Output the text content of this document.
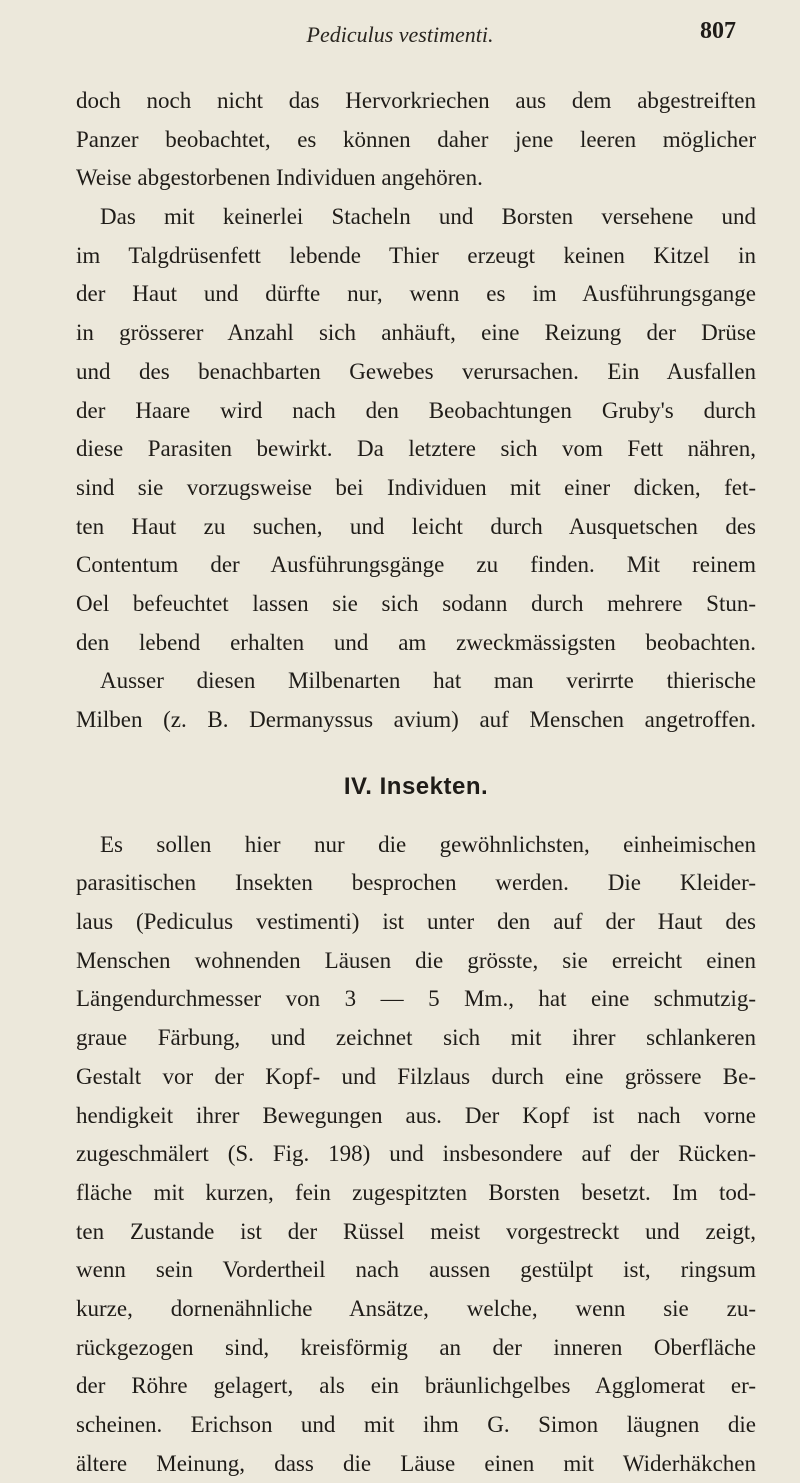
Pediculus vestimenti.	807
doch noch nicht das Hervorkriechen aus dem abgestreiften
Panzer beobachtet, es können daher jene leeren möglicher
Weise abgestorbenen Individuen angehören.
Das mit keinerlei Stacheln und Borsten versehene und
im Talgdrüsenfett lebende Thier erzeugt keinen Kitzel in
der Haut und dürfte nur, wenn es im Ausführungsgange
in grösserer Anzahl sich anhäuft, eine Reizung der Drüse
und des benachbarten Gewebes verursachen. Ein Ausfallen
der Haare wird nach den Beobachtungen Gruby's durch
diese Parasiten bewirkt. Da letztere sich vom Fett nähren,
sind sie vorzugsweise bei Individuen mit einer dicken, fet-
ten Haut zu suchen, und leicht durch Ausquetschen des
Contentum der Ausführungsgänge zu finden. Mit reinem
Oel befeuchtet lassen sie sich sodann durch mehrere Stun-
den lebend erhalten und am zweckmässigsten beobachten.
Ausser diesen Milbenarten hat man verirrte thierische
Milben (z. B. Dermanyssus avium) auf Menschen angetroffen.
IV. Insekten.
Es sollen hier nur die gewöhnlichsten, einheimischen
parasitischen Insekten besprochen werden. Die Kleider-
laus (Pediculus vestimenti) ist unter den auf der Haut des
Menschen wohnenden Läusen die grösste, sie erreicht einen
Längendurchmesser von 3 — 5 Mm., hat eine schmutzig-
graue Färbung, und zeichnet sich mit ihrer schlankeren
Gestalt vor der Kopf- und Filzlaus durch eine grössere Be-
hendigkeit ihrer Bewegungen aus. Der Kopf ist nach vorne
zugeschmälert (S. Fig. 198) und insbesondere auf der Rücken-
fläche mit kurzen, fein zugespitzten Borsten besetzt. Im tod-
ten Zustande ist der Rüssel meist vorgestreckt und zeigt,
wenn sein Vordertheil nach aussen gestülpt ist, ringsum
kurze, dornenähnliche Ansätze, welche, wenn sie zu-
rückgezogen sind, kreisförmig an der inneren Oberfläche
der Röhre gelagert, als ein bräunlichgelbes Agglomerat er-
scheinen. Erichson und mit ihm G. Simon läugnen die
ältere Meinung, dass die Läuse einen mit Widerhäkchen
